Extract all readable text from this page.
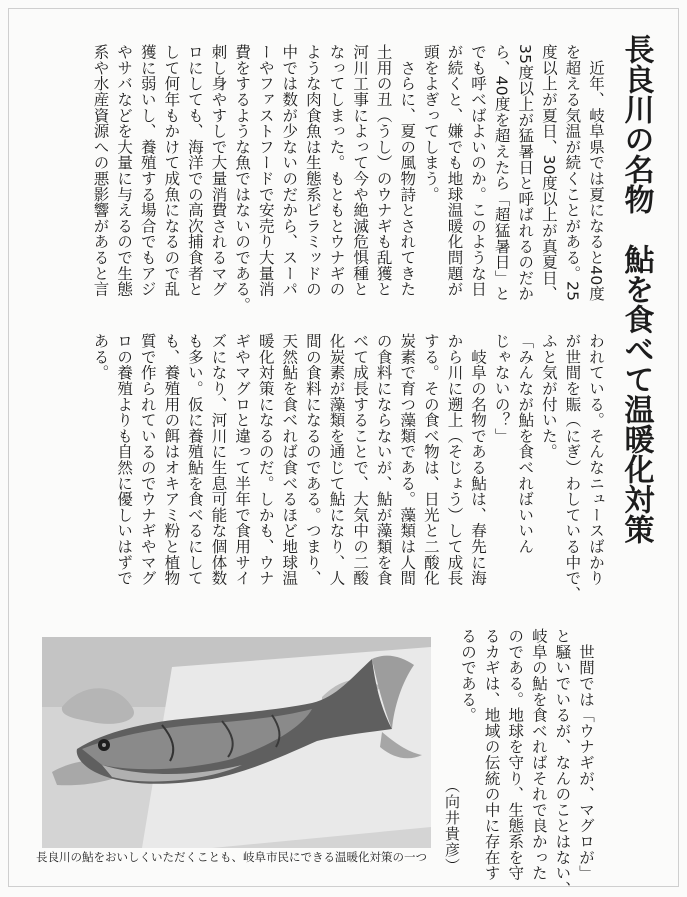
長良川の名物
鮎を食べて温暖化対策
　近年、岐阜県では夏になると40度
を超える気温が続くことがある。25
度以上が夏日、30度以上が真夏日、
35度以上が猛暑日と呼ばれるのだか
ら、40度を超えたら「超猛暑日」と
でも呼べばよいのか。このような日
が続くと、嫌でも地球温暖化問題が
頭をよぎってしまう。
　さらに、夏の風物詩とされてきた
土用の丑（うし）のウナギも乱獲と
河川工事によって今や絶滅危惧種と
なってしまった。もともとウナギの
ような肉食魚は生態系ピラミッドの
中では数が少ないのだから、スーパ
ーやファストフードで安売り大量消
費をするような魚ではないのである。
刺し身やすしで大量消費されるマグ
ロにしても、海洋での高次捕食者と
して何年もかけて成魚になるので乱
獲に弱いし、養殖する場合でもアジ
やサバなどを大量に与えるので生態
系や水産資源への悪影響があると言
われている。そんなニュースばかり
が世間を賑（にぎ）わしている中で、
ふと気が付いた。
「みんなが鮎を食べればいいん
じゃないの？」
　岐阜の名物である鮎は、春先に海
から川に遡上（そじょう）して成長
する。その食べ物は、日光と二酸化
炭素で育つ藻類である。藻類は人間
の食料にならないが、鮎が藻類を食
べて成長することで、大気中の二酸
化炭素が藻類を通じて鮎になり、人
間の食料になるのである。つまり、
天然鮎を食べれば食べるほど地球温
暖化対策になるのだ。しかも、ウナ
ギやマグロと違って半年で食用サイ
ズになり、河川に生息可能な個体数
も多い。仮に養殖鮎を食べるにして
も、養殖用の餌はオキアミ粉と植物
質で作られているのでウナギやマグ
ロの養殖よりも自然に優しいはずで
ある。
　世間では「ウナギが、マグロが」
と騒いでいるが、なんのことはない、
岐阜の鮎を食べればそれで良かった
のである。地球を守り、生態系を守
るカギは、地域の伝統の中に存在す
るのである。
（向井貴彦）
長良川の鮎をおいしくいただくことも、岐阜市民にできる温暖化対策の一つ
